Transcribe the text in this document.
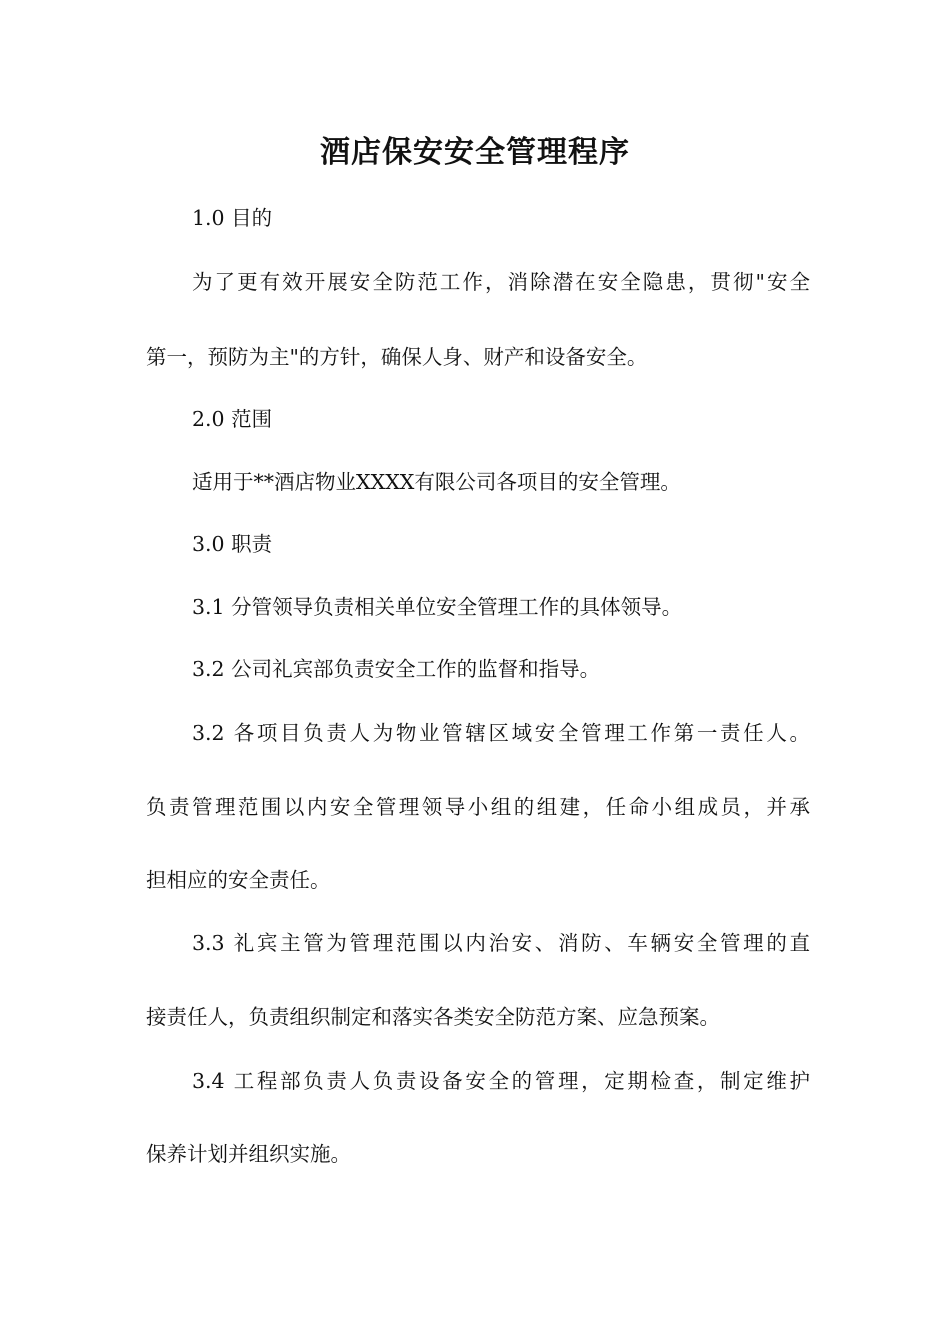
酒店保安安全管理程序
1.0 目的
为了更有效开展安全防范工作，消除潜在安全隐患，贯彻"安全
第一，预防为主"的方针，确保人身、财产和设备安全。
2.0 范围
适用于**酒店物业XXXX有限公司各项目的安全管理。
3.0 职责
3.1 分管领导负责相关单位安全管理工作的具体领导。
3.2 公司礼宾部负责安全工作的监督和指导。
3.2 各项目负责人为物业管辖区域安全管理工作第一责任人。
负责管理范围以内安全管理领导小组的组建，任命小组成员，并承
担相应的安全责任。
3.3 礼宾主管为管理范围以内治安、消防、车辆安全管理的直
接责任人，负责组织制定和落实各类安全防范方案、应急预案。
3.4 工程部负责人负责设备安全的管理，定期检查，制定维护
保养计划并组织实施。
